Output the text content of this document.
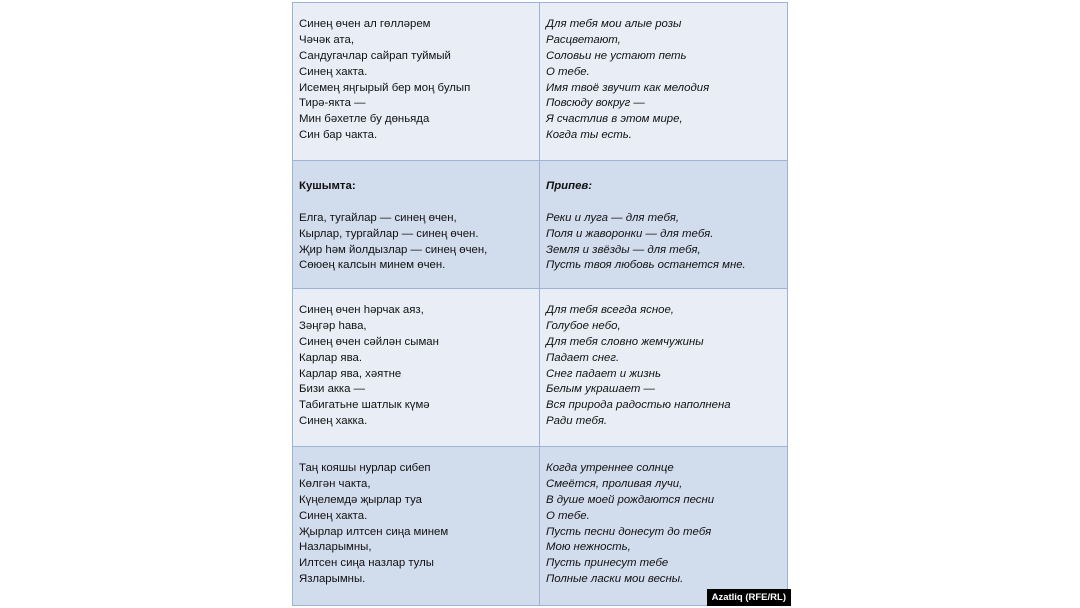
Синең өчен ал гөлләрем
Чәчәк ата,
Сандугачлар сайрап туймый
Синең хакта.
Исемең яңгырый бер моң булып
Тирә-якта —
Мин бәхетле бу дөньяда
Син бар чакта.
Для тебя мои алые розы
Расцветают,
Соловьи не устают петь
О тебе.
Имя твоё звучит как мелодия
Повсюду вокруг —
Я счастлив в этом мире,
Когда ты есть.
Кушымта:
Елга, тугайлар — синең өчен,
Кырлар, тургайлар — синең өчен.
Җир һәм йолдызлар — синең өчен,
Сөюең калсын минем өчен.
Припев:
Реки и луга — для тебя,
Поля и жаворонки — для тебя.
Земля и звёзды — для тебя,
Пусть твоя любовь останется мне.
Синең өчен һәрчак аяз,
Зәңгәр һава,
Синең өчен сәйлән сыман
Карлар ява.
Карлар ява, хәятне
Бизи акка —
Табигатьне шатлык күмә
Синең хакка.
Для тебя всегда ясное,
Голубое небо,
Для тебя словно жемчужины
Падает снег.
Снег падает и жизнь
Белым украшает —
Вся природа радостью наполнена
Ради тебя.
Таң кояшы нурлар сибеп
Көлгән чакта,
Күңелемдә җырлар туа
Синең хакта.
Җырлар илтсен сиңа минем
Назларымны,
Илтсен сиңа назлар тулы
Язларымны.
Когда утреннее солнце
Смеётся, проливая лучи,
В душе моей рождаются песни
О тебе.
Пусть песни донесут до тебя
Мою нежность,
Пусть принесут тебе
Полные ласки мои весны.
Azatliq (RFE/RL)
